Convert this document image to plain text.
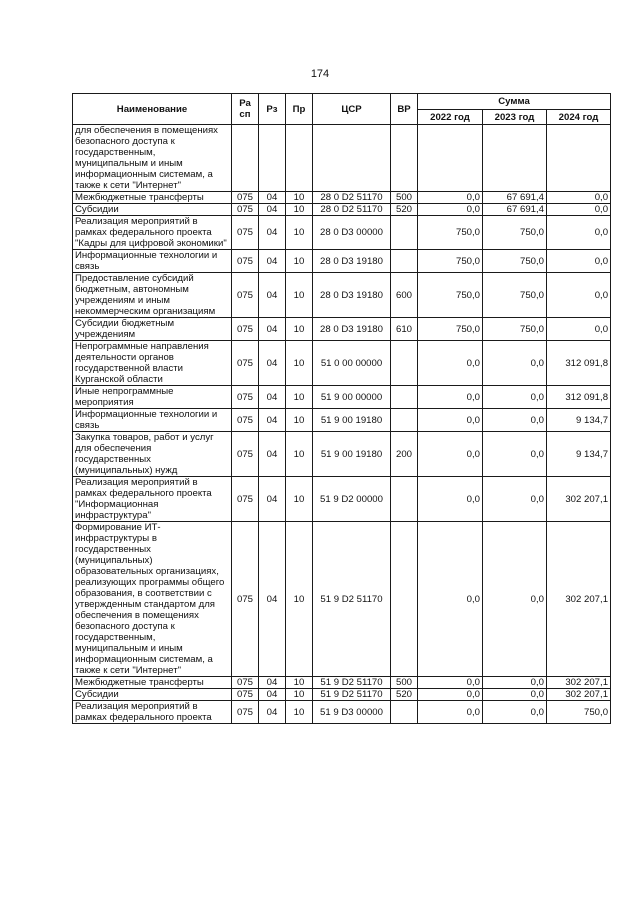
174
Наименование	Ра сп	Рз	Пр	ЦСР	ВР	Сумма		
						2022 год	2023 год	2024 год
для обеспечения в помещениях безопасного доступа к государственным, муниципальным и иным информационным системам, а также к сети "Интернет"								
Межбюджетные трансферты	075	04	10	28 0 D2 51170	500	0,0	67 691,4	0,0
Субсидии	075	04	10	28 0 D2 51170	520	0,0	67 691,4	0,0
Реализация мероприятий в рамках федерального проекта "Кадры для цифровой экономики"	075	04	10	28 0 D3 00000		750,0	750,0	0,0
Информационные технологии и связь	075	04	10	28 0 D3 19180		750,0	750,0	0,0
Предоставление субсидий бюджетным, автономным учреждениям и иным некоммерческим организациям	075	04	10	28 0 D3 19180	600	750,0	750,0	0,0
Субсидии бюджетным учреждениям	075	04	10	28 0 D3 19180	610	750,0	750,0	0,0
Непрограммные направления деятельности органов государственной власти Курганской области	075	04	10	51 0 00 00000		0,0	0,0	312 091,8
Иные непрограммные мероприятия	075	04	10	51 9 00 00000		0,0	0,0	312 091,8
Информационные технологии и связь	075	04	10	51 9 00 19180		0,0	0,0	9 134,7
Закупка товаров, работ и услуг для обеспечения государственных (муниципальных) нужд	075	04	10	51 9 00 19180	200	0,0	0,0	9 134,7
Реализация мероприятий в рамках федерального проекта "Информационная инфраструктура"	075	04	10	51 9 D2 00000		0,0	0,0	302 207,1
Формирование ИТ-инфраструктуры в государственных (муниципальных) образовательных организациях, реализующих программы общего образования, в соответствии с утвержденным стандартом для обеспечения в помещениях безопасного доступа к государственным, муниципальным и иным информационным системам, а также к сети "Интернет"	075	04	10	51 9 D2 51170		0,0	0,0	302 207,1
Межбюджетные трансферты	075	04	10	51 9 D2 51170	500	0,0	0,0	302 207,1
Субсидии	075	04	10	51 9 D2 51170	520	0,0	0,0	302 207,1
Реализация мероприятий в рамках федерального проекта	075	04	10	51 9 D3 00000		0,0	0,0	750,0
